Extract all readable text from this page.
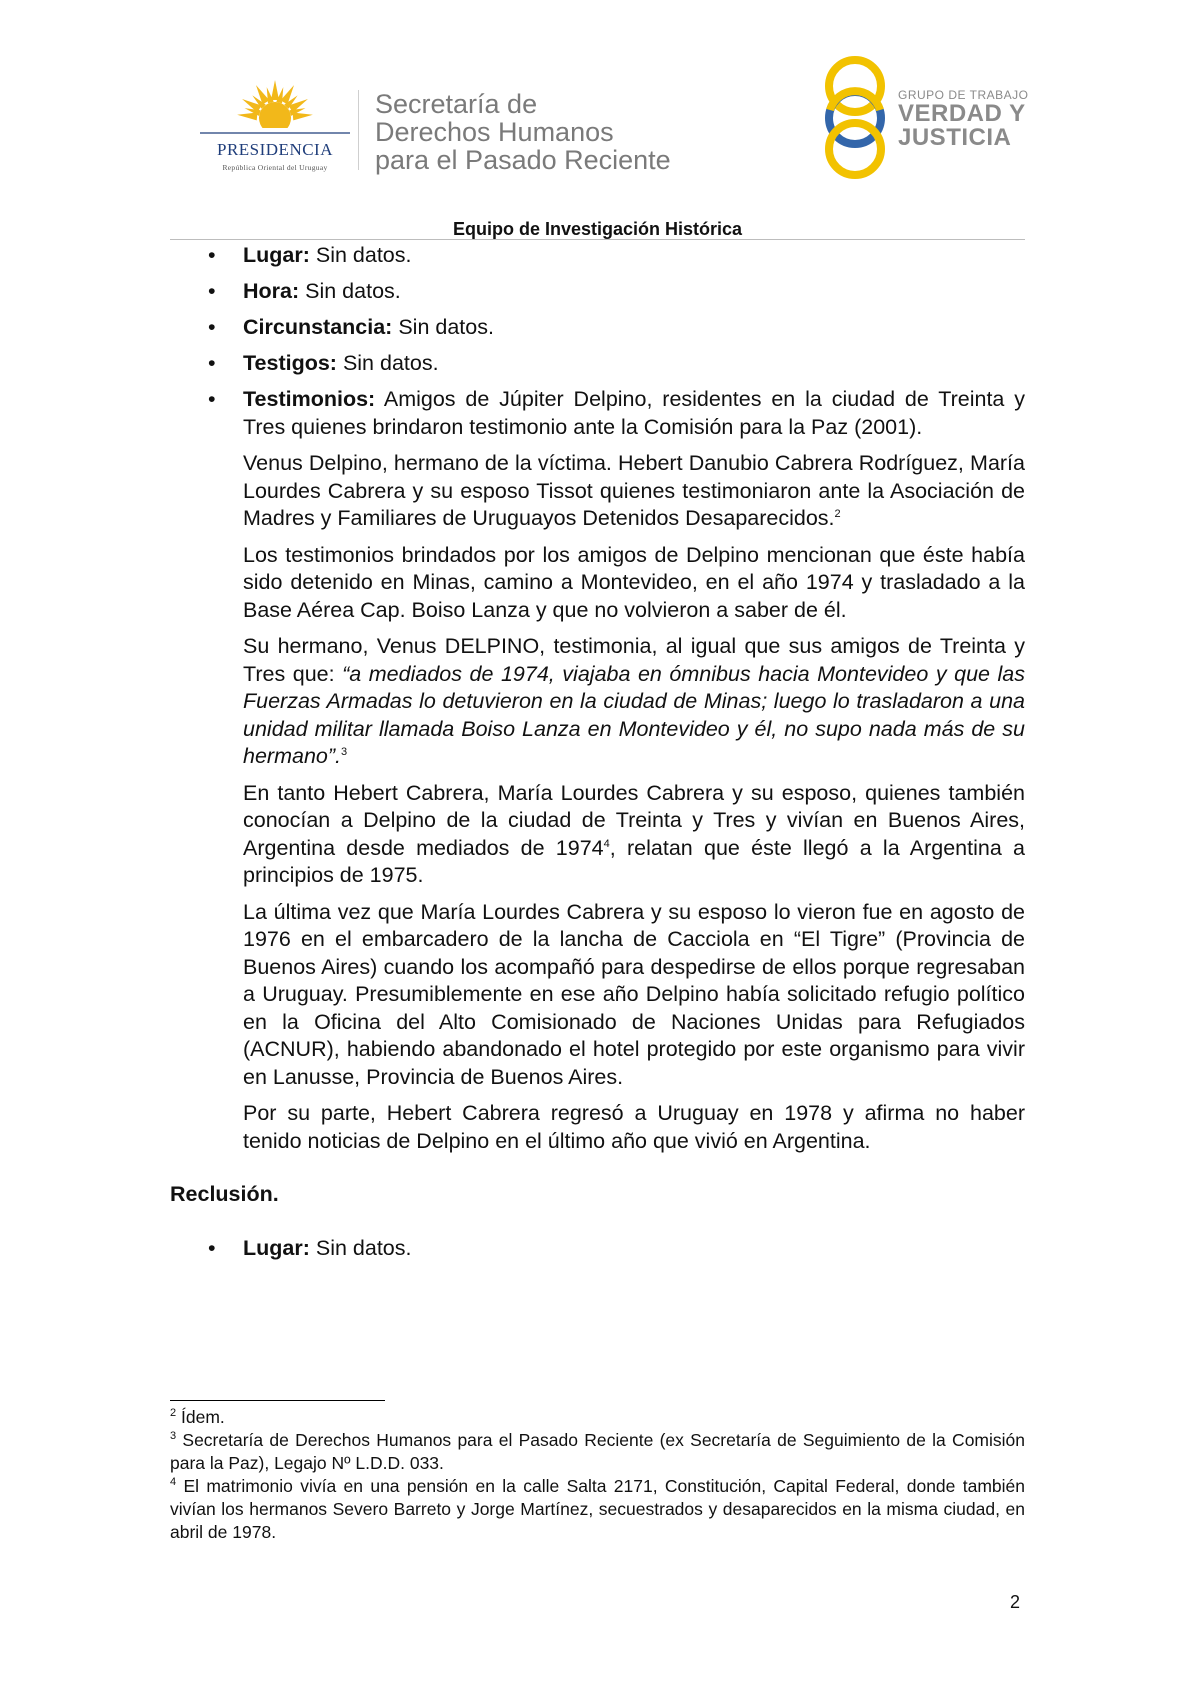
PRESIDENCIA
República Oriental del Uruguay
Secretaría de
Derechos Humanos
para el Pasado Reciente
GRUPO DE TRABAJO
VERDAD Y
JUSTICIA
Equipo de Investigación Histórica
• Lugar: Sin datos.
• Hora: Sin datos.
• Circunstancia: Sin datos.
• Testigos: Sin datos.
• Testimonios: Amigos de Júpiter Delpino, residentes en la ciudad de Treinta y Tres quienes brindaron testimonio ante la Comisión para la Paz (2001).

Venus Delpino, hermano de la víctima. Hebert Danubio Cabrera Rodríguez, María Lourdes Cabrera y su esposo Tissot quienes testimoniaron ante la Asociación de Madres y Familiares de Uruguayos Detenidos Desaparecidos.$^2$

Los testimonios brindados por los amigos de Delpino mencionan que éste había sido detenido en Minas, camino a Montevideo, en el año 1974 y trasladado a la Base Aérea Cap. Boiso Lanza y que no volvieron a saber de él.

Su hermano, Venus DELPINO, testimonia, al igual que sus amigos de Treinta y Tres que: “a mediados de 1974, viajaba en ómnibus hacia Montevideo y que las Fuerzas Armadas lo detuvieron en la ciudad de Minas; luego lo trasladaron a una unidad militar llamada Boiso Lanza en Montevideo y él, no supo nada más de su hermano”.$^3$

En tanto Hebert Cabrera, María Lourdes Cabrera y su esposo, quienes también conocían a Delpino de la ciudad de Treinta y Tres y vivían en Buenos Aires, Argentina desde mediados de 1974$^4$, relatan que éste llegó a la Argentina a principios de 1975.

La última vez que María Lourdes Cabrera y su esposo lo vieron fue en agosto de 1976 en el embarcadero de la lancha de Cacciola en “El Tigre” (Provincia de Buenos Aires) cuando los acompañó para despedirse de ellos porque regresaban a Uruguay. Presumiblemente en ese año Delpino había solicitado refugio político en la Oficina del Alto Comisionado de Naciones Unidas para Refugiados (ACNUR), habiendo abandonado el hotel protegido por este organismo para vivir en Lanusse, Provincia de Buenos Aires.

Por su parte, Hebert Cabrera regresó a Uruguay en 1978 y afirma no haber tenido noticias de Delpino en el último año que vivió en Argentina.

Reclusión.
• Lugar: Sin datos.
$^2$ Ídem.
$^3$ Secretaría de Derechos Humanos para el Pasado Reciente (ex Secretaría de Seguimiento de la Comisión para la Paz), Legajo Nº L.D.D. 033.
$^4$ El matrimonio vivía en una pensión en la calle Salta 2171, Constitución, Capital Federal, donde también vivían los hermanos Severo Barreto y Jorge Martínez, secuestrados y desaparecidos en la misma ciudad, en abril de 1978.
2
